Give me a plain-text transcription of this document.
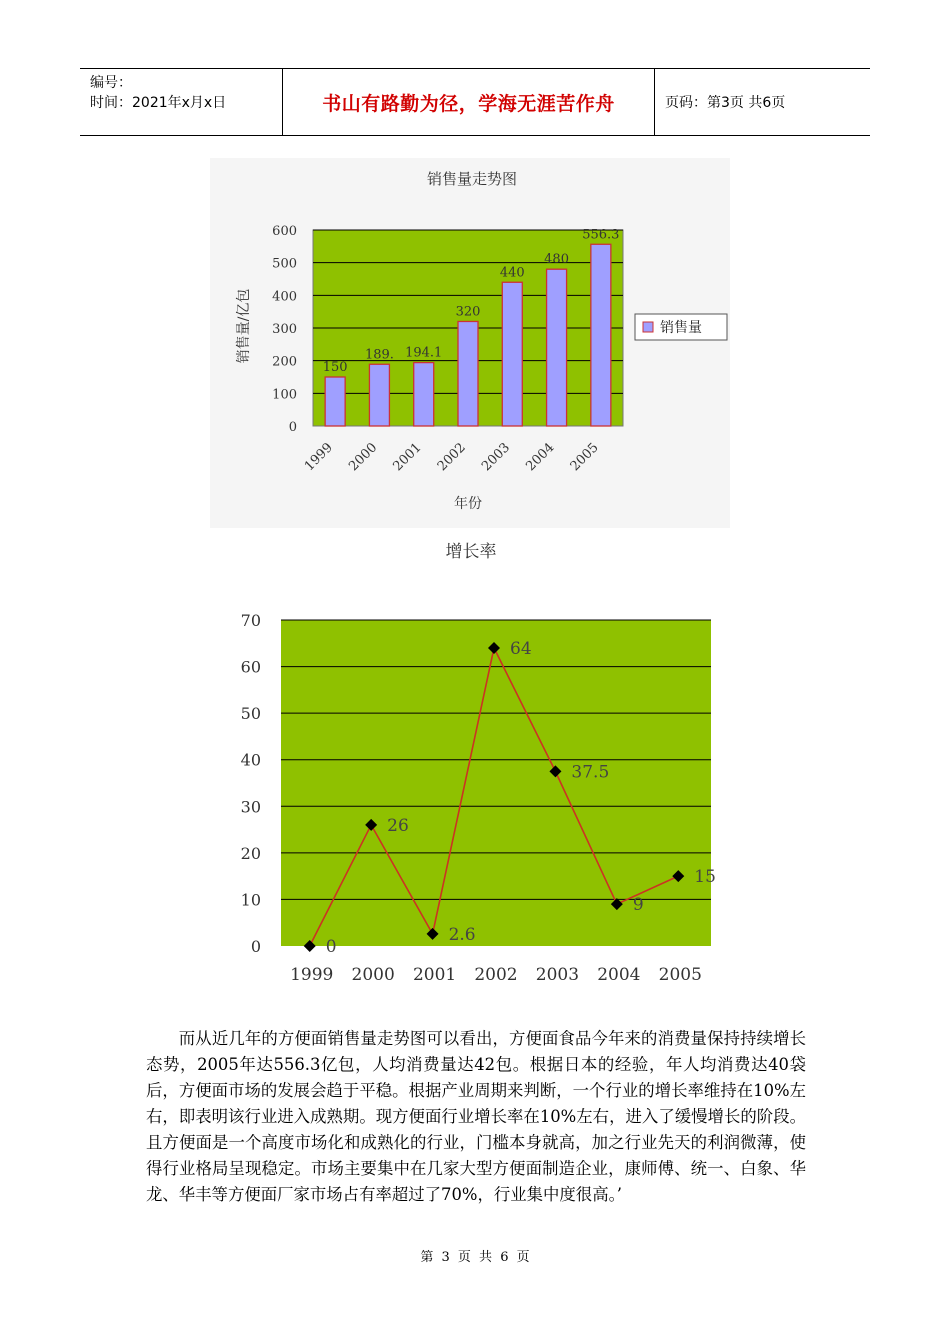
编号：
时间：2021年x月x日	书山有路勤为径，学海无涯苦作舟	页码：第3页 共6页
销售量走势图
0
100
200
300
400
500
600
150
1999
189.
2000
194.1
2001
320
2002
440
2003
480
2004
556.3
2005
年份
销售量/亿包	销售量
增长率
0
10
20
30
40
50
60
70
0
1999
26
2000
2.6
2001
64
2002
37.5
2003
9
2004
15
2005
而从近几年的方便面销售量走势图可以看出，方便面食品今年来的消费量保持持续增长态势，2005年达556.3亿包，人均消费量达42包。根据日本的经验，年人均消费达40袋后，方便面市场的发展会趋于平稳。根据产业周期来判断，一个行业的增长率维持在10%左右，即表明该行业进入成熟期。现方便面行业增长率在10%左右，进入了缓慢增长的阶段。且方便面是一个高度市场化和成熟化的行业，门槛本身就高，加之行业先天的利润微薄，使得行业格局呈现稳定。市场主要集中在几家大型方便面制造企业，康师傅、统一、白象、华龙、华丰等方便面厂家市场占有率超过了70%，行业集中度很高。’
第 3 页 共 6 页
